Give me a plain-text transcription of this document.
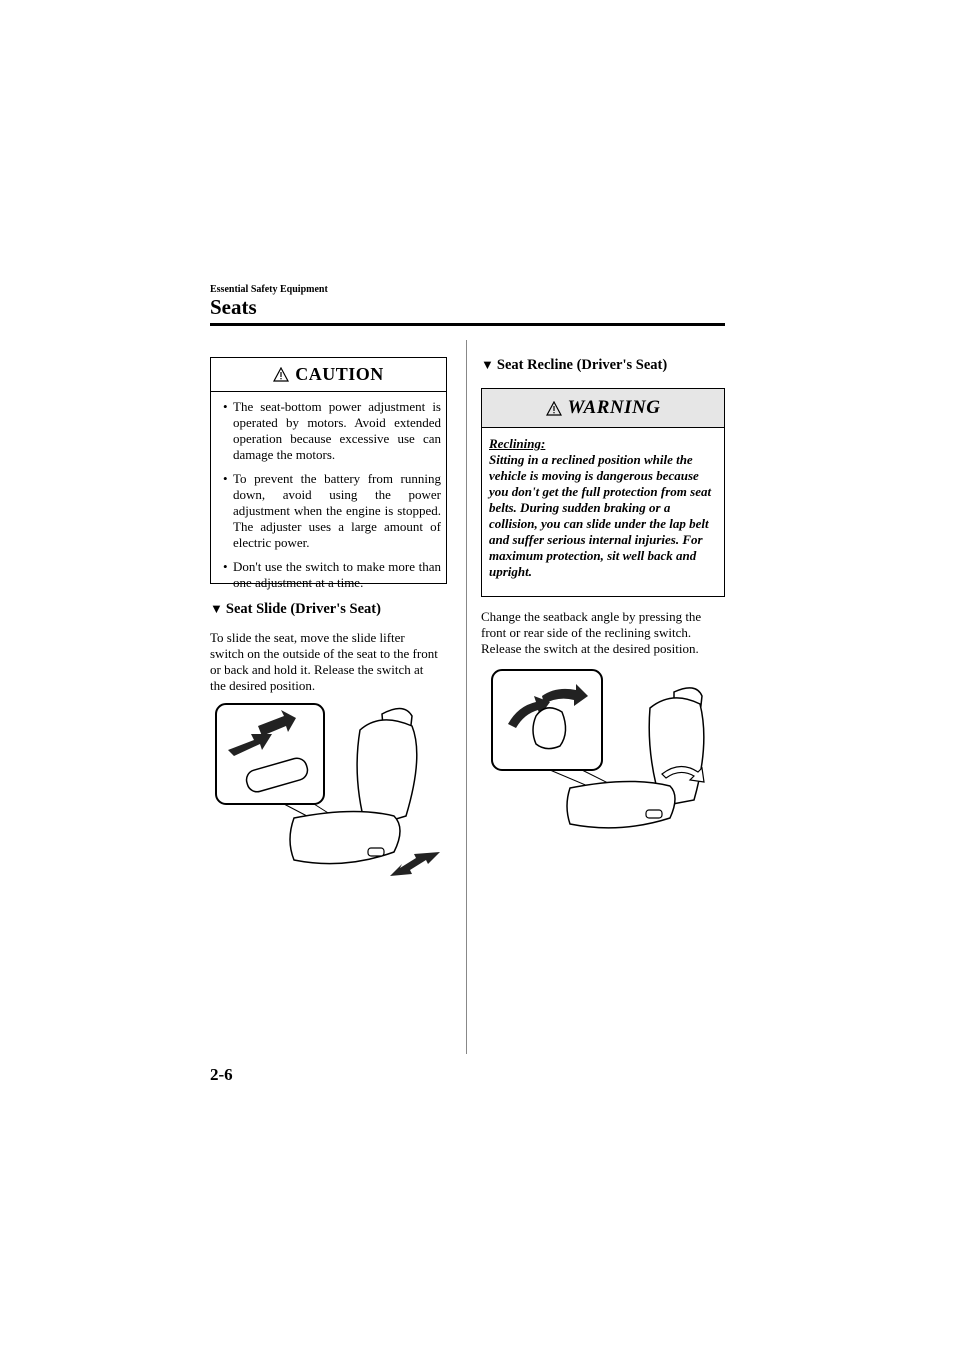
Essential Safety Equipment
Seats
CAUTION
• The seat-bottom power adjustment is operated by motors. Avoid extended operation because excessive use can damage the motors.
• To prevent the battery from running down, avoid using the power adjustment when the engine is stopped. The adjuster uses a large amount of electric power.
• Don't use the switch to make more than one adjustment at a time.
▼ Seat Slide (Driver's Seat)
To slide the seat, move the slide lifter switch on the outside of the seat to the front or back and hold it. Release the switch at the desired position.
▼ Seat Recline (Driver's Seat)
WARNING
Reclining:
Sitting in a reclined position while the vehicle is moving is dangerous because you don't get the full protection from seat belts. During sudden braking or a collision, you can slide under the lap belt and suffer serious internal injuries. For maximum protection, sit well back and upright.
Change the seatback angle by pressing the front or rear side of the reclining switch. Release the switch at the desired position.
2-6
